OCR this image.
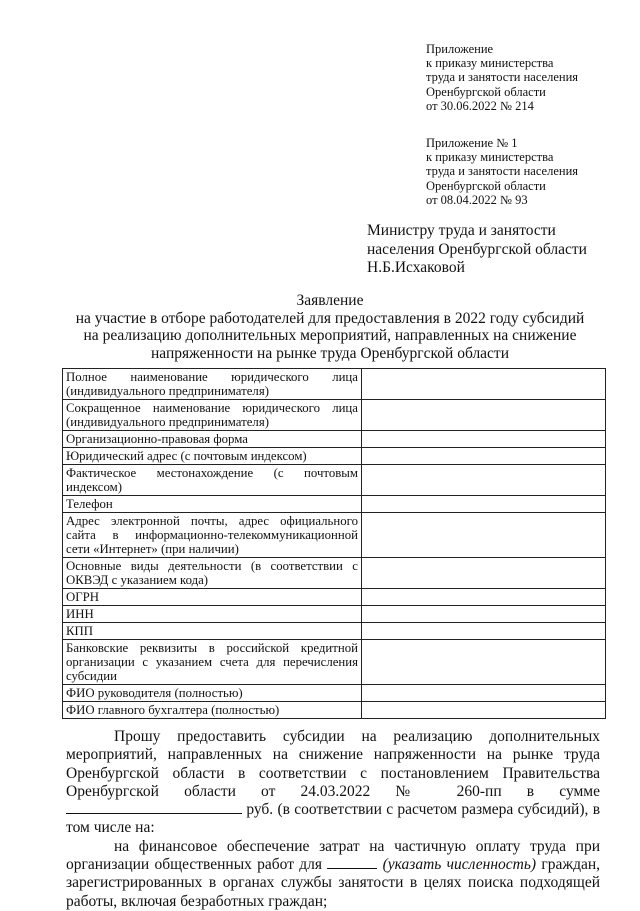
Приложение
к приказу министерства
труда и занятости населения
Оренбургской области
от 30.06.2022 № 214
Приложение № 1
к приказу министерства
труда и занятости населения
Оренбургской области
от 08.04.2022 № 93
Министру труда и занятости
населения Оренбургской области
Н.Б.Исхаковой
Заявление
на участие в отборе работодателей для предоставления в 2022 году субсидий
на реализацию дополнительных мероприятий, направленных на снижение
напряженности на рынке труда Оренбургской области
Полное наименование юридического лица (индивидуального предпринимателя)	
Сокращенное наименование юридического лица (индивидуального предпринимателя)	
Организационно-правовая форма	
Юридический адрес (с почтовым индексом)	
Фактическое местонахождение (с почтовым индексом)	
Телефон	
Адрес электронной почты, адрес официального сайта в информационно-телекоммуникационной сети «Интернет» (при наличии)	
Основные виды деятельности (в соответствии с ОКВЭД с указанием кода)	
ОГРН	
ИНН	
КПП	
Банковские реквизиты в российской кредитной организации с указанием счета для перечисления субсидии	
ФИО руководителя (полностью)	
ФИО главного бухгалтера (полностью)	

Прошу предоставить субсидии на реализацию дополнительных мероприятий, направленных на снижение напряженности на рынке труда Оренбургской области в соответствии с постановлением Правительства Оренбургской области от 24.03.2022 № 260-пп в сумме  руб. (в соответствии с расчетом размера субсидий), в том числе на:

на финансовое обеспечение затрат на частичную оплату труда при организации общественных работ для	(указать численность) граждан, зарегистрированных в органах службы занятости в целях поиска подходящей работы, включая безработных граждан;
